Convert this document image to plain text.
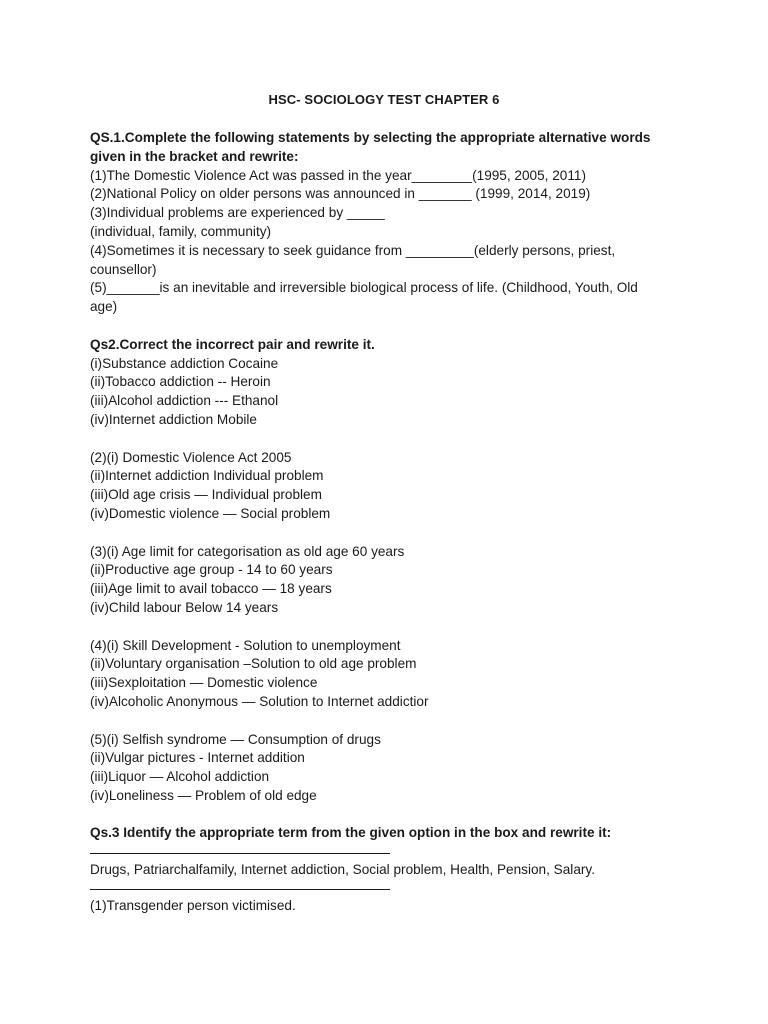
HSC- SOCIOLOGY TEST CHAPTER 6
QS.1.Complete the following statements by selecting the appropriate alternative words
given in the bracket and rewrite:
(1)The Domestic Violence Act was passed in the year________(1995, 2005, 2011)
(2)National Policy on older persons was announced in _______ (1999, 2014, 2019)
(3)Individual problems are experienced by _____
(individual, family, community)
(4)Sometimes it is necessary to seek guidance from _________(elderly persons, priest,
counsellor)
(5)_______is an inevitable and irreversible biological process of life. (Childhood, Youth, Old
age)
Qs2.Correct the incorrect pair and rewrite it.
(i)Substance addiction Cocaine
(ii)Tobacco addiction -- Heroin
(iii)Alcohol addiction --- Ethanol
(iv)Internet addiction Mobile
(2)(i) Domestic Violence Act 2005
(ii)Internet addiction Individual problem
(iii)Old age crisis — Individual problem
(iv)Domestic violence — Social problem
(3)(i) Age limit for categorisation as old age 60 years
(ii)Productive age group - 14 to 60 years
(iii)Age limit to avail tobacco — 18 years
(iv)Child labour Below 14 years
(4)(i) Skill Development - Solution to unemployment
(ii)Voluntary organisation –Solution to old age problem
(iii)Sexploitation — Domestic violence
(iv)Alcoholic Anonymous — Solution to Internet addictior
(5)(i) Selfish syndrome — Consumption of drugs
(ii)Vulgar pictures - Internet addition
(iii)Liquor — Alcohol addiction
(iv)Loneliness — Problem of old edge
Qs.3 Identify the appropriate term from the given option in the box and rewrite it:
Drugs, Patriarchalfamily, Internet addiction, Social problem, Health, Pension, Salary.
(1)Transgender person victimised.
